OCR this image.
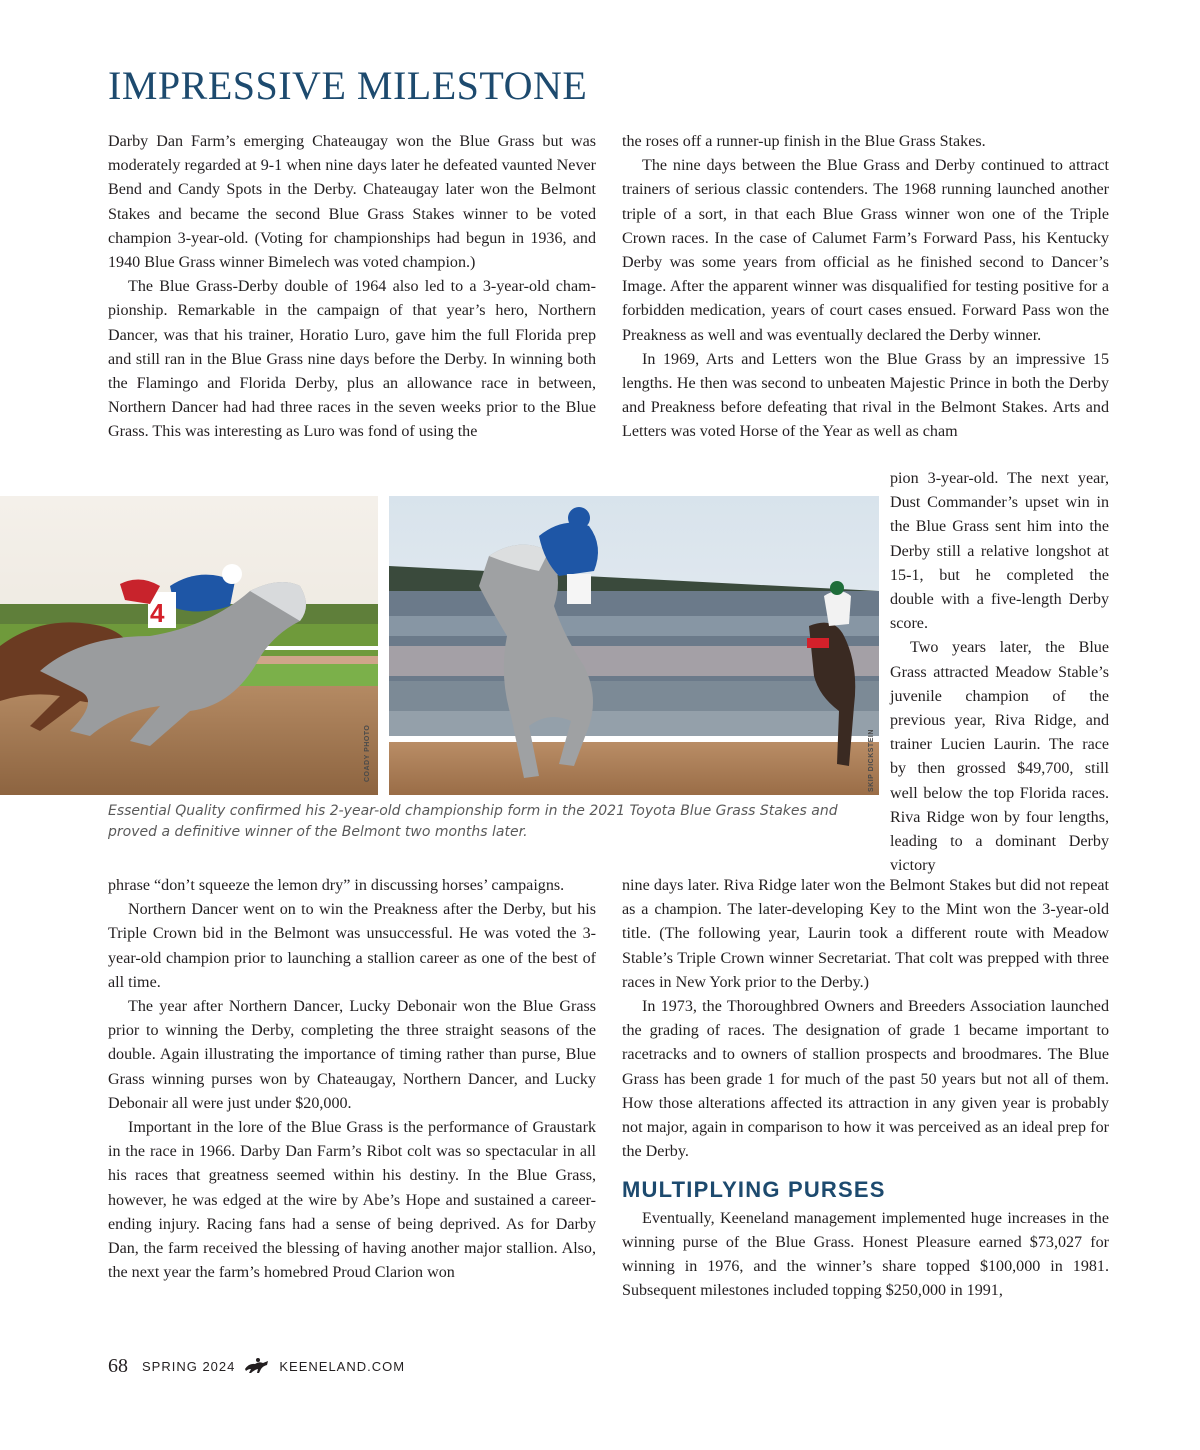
IMPRESSIVE MILESTONE

Darby Dan Farm’s emerging Chateaugay won the Blue Grass but was moderately regarded at 9-1 when nine days later he defeated vaunted Never Bend and Candy Spots in the Derby. Chateaugay later won the Belmont Stakes and became the second Blue Grass Stakes winner to be voted champion 3-year-old. (Voting for championships had begun in 1936, and 1940 Blue Grass winner Bimelech was voted champion.)

The Blue Grass-Derby double of 1964 also led to a 3-year-old championship. Remarkable in the campaign of that year’s hero, Northern Dancer, was that his trainer, Horatio Luro, gave him the full Florida prep and still ran in the Blue Grass nine days before the Derby. In winning both the Flamingo and Florida Derby, plus an allowance race in between, Northern Dancer had had three races in the seven weeks prior to the Blue Grass. This was interesting as Luro was fond of using the

the roses off a runner-up finish in the Blue Grass Stakes.

The nine days between the Blue Grass and Derby continued to attract trainers of serious classic contenders. The 1968 running launched another triple of a sort, in that each Blue Grass winner won one of the Triple Crown races. In the case of Calumet Farm’s Forward Pass, his Kentucky Derby was some years from official as he finished second to Dancer’s Image. After the apparent winner was disqualified for testing positive for a forbidden medication, years of court cases ensued. Forward Pass won the Preakness as well and was eventually declared the Derby winner.

In 1969, Arts and Letters won the Blue Grass by an impressive 15 lengths. He then was second to unbeaten Majestic Prince in both the Derby and Preakness before defeating that rival in the Belmont Stakes. Arts and Letters was voted Horse of the Year as well as cham

pion 3-year-old. The next year, Dust Commander’s upset win in the Blue Grass sent him into the Derby still a relative longshot at 15-1, but he completed the double with a five-length Derby score.

Two years later, the Blue Grass attracted Meadow Stable’s juvenile champion of the previous year, Riva Ridge, and trainer Lucien Laurin. The race by then grossed $49,700, still well below the top Florida races. Riva Ridge won by four lengths, leading to a dominant Derby victory

4
COADY PHOTO	SKIP DICKSTEIN

Essential Quality confirmed his 2-year-old championship form in the 2021 Toyota Blue Grass Stakes and proved a definitive winner of the Belmont two months later.

phrase “don’t squeeze the lemon dry” in discussing horses’ campaigns.

Northern Dancer went on to win the Preakness after the Derby, but his Triple Crown bid in the Belmont was unsuccessful. He was voted the 3-year-old champion prior to launching a stallion career as one of the best of all time.

The year after Northern Dancer, Lucky Debonair won the Blue Grass prior to winning the Derby, completing the three straight seasons of the double. Again illustrating the importance of timing rather than purse, Blue Grass winning purses won by Chateaugay, Northern Dancer, and Lucky Debonair all were just under $20,000.

Important in the lore of the Blue Grass is the performance of Graustark in the race in 1966. Darby Dan Farm’s Ribot colt was so spectacular in all his races that greatness seemed within his destiny. In the Blue Grass, however, he was edged at the wire by Abe’s Hope and sustained a career-ending injury. Racing fans had a sense of being deprived. As for Darby Dan, the farm received the blessing of having another major stallion. Also, the next year the farm’s homebred Proud Clarion won

nine days later. Riva Ridge later won the Belmont Stakes but did not repeat as a champion. The later-developing Key to the Mint won the 3-year-old title. (The following year, Laurin took a different route with Meadow Stable’s Triple Crown winner Secretariat. That colt was prepped with three races in New York prior to the Derby.)

In 1973, the Thoroughbred Owners and Breeders Association launched the grading of races. The designation of grade 1 became important to racetracks and to owners of stallion prospects and broodmares. The Blue Grass has been grade 1 for much of the past 50 years but not all of them. How those alterations affected its attraction in any given year is probably not major, again in comparison to how it was perceived as an ideal prep for the Derby.

MULTIPLYING PURSES

Eventually, Keeneland management implemented huge increases in the winning purse of the Blue Grass. Honest Pleasure earned $73,027 for winning in 1976, and the winner’s share topped $100,000 in 1981. Subsequent milestones included topping $250,000 in 1991,

68 SPRING 2024	KEENELAND.COM
